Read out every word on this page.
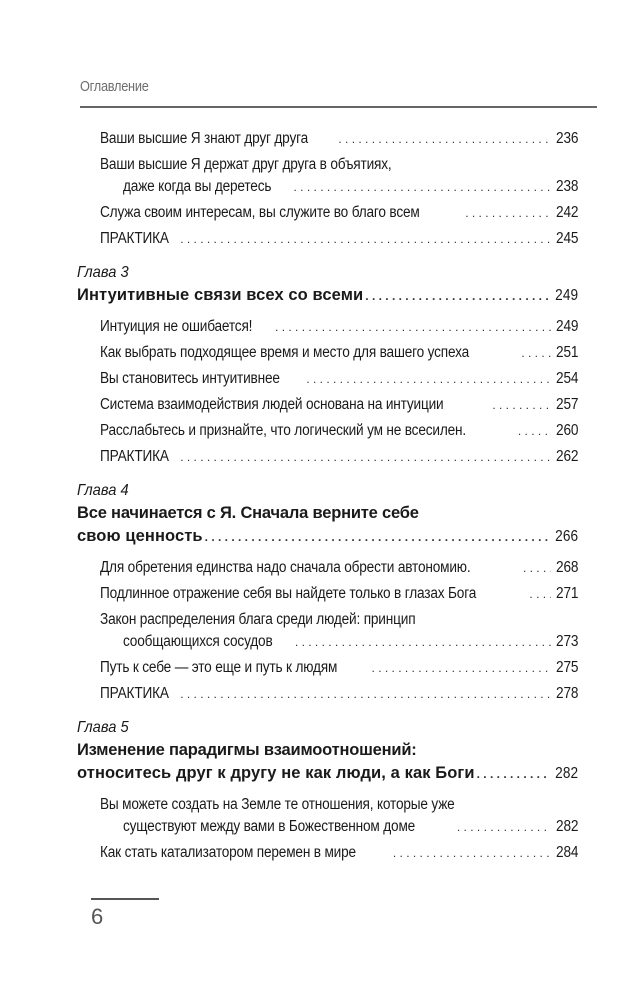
Оглавление
Ваши высшие Я знают друг друга . . .	236
Ваши высшие Я держат друг друга в объятиях,
даже когда вы деретесь . . .	238
Служа своим интересам, вы служите во благо всем . . .	242
ПРАКТИКА . . .	245
Глава 3
Интуитивные связи всех со всеми . . .	249
Интуиция не ошибается! . . .	249
Как выбрать подходящее время и место для вашего успеха . . .	251
Вы становитесь интуитивнее . . .	254
Система взаимодействия людей основана на интуиции . . .	257
Расслабьтесь и признайте, что логический ум не всесилен. . . .	260
ПРАКТИКА . . .	262
Глава 4
Все начинается с Я. Сначала верните себе
свою ценность . . .	266
Для обретения единства надо сначала обрести автономию. . . .	268
Подлинное отражение себя вы найдете только в глазах Бога . . .	271
Закон распределения блага среди людей: принцип
сообщающихся сосудов . . .	273
Путь к себе — это еще и путь к людям . . .	275
ПРАКТИКА . . .	278
Глава 5
Изменение парадигмы взаимоотношений:
относитесь друг к другу не как люди, а как Боги . . .	282
Вы можете создать на Земле те отношения, которые уже
существуют между вами в Божественном доме . . .	282
Как стать катализатором перемен в мире . . .	284
6
